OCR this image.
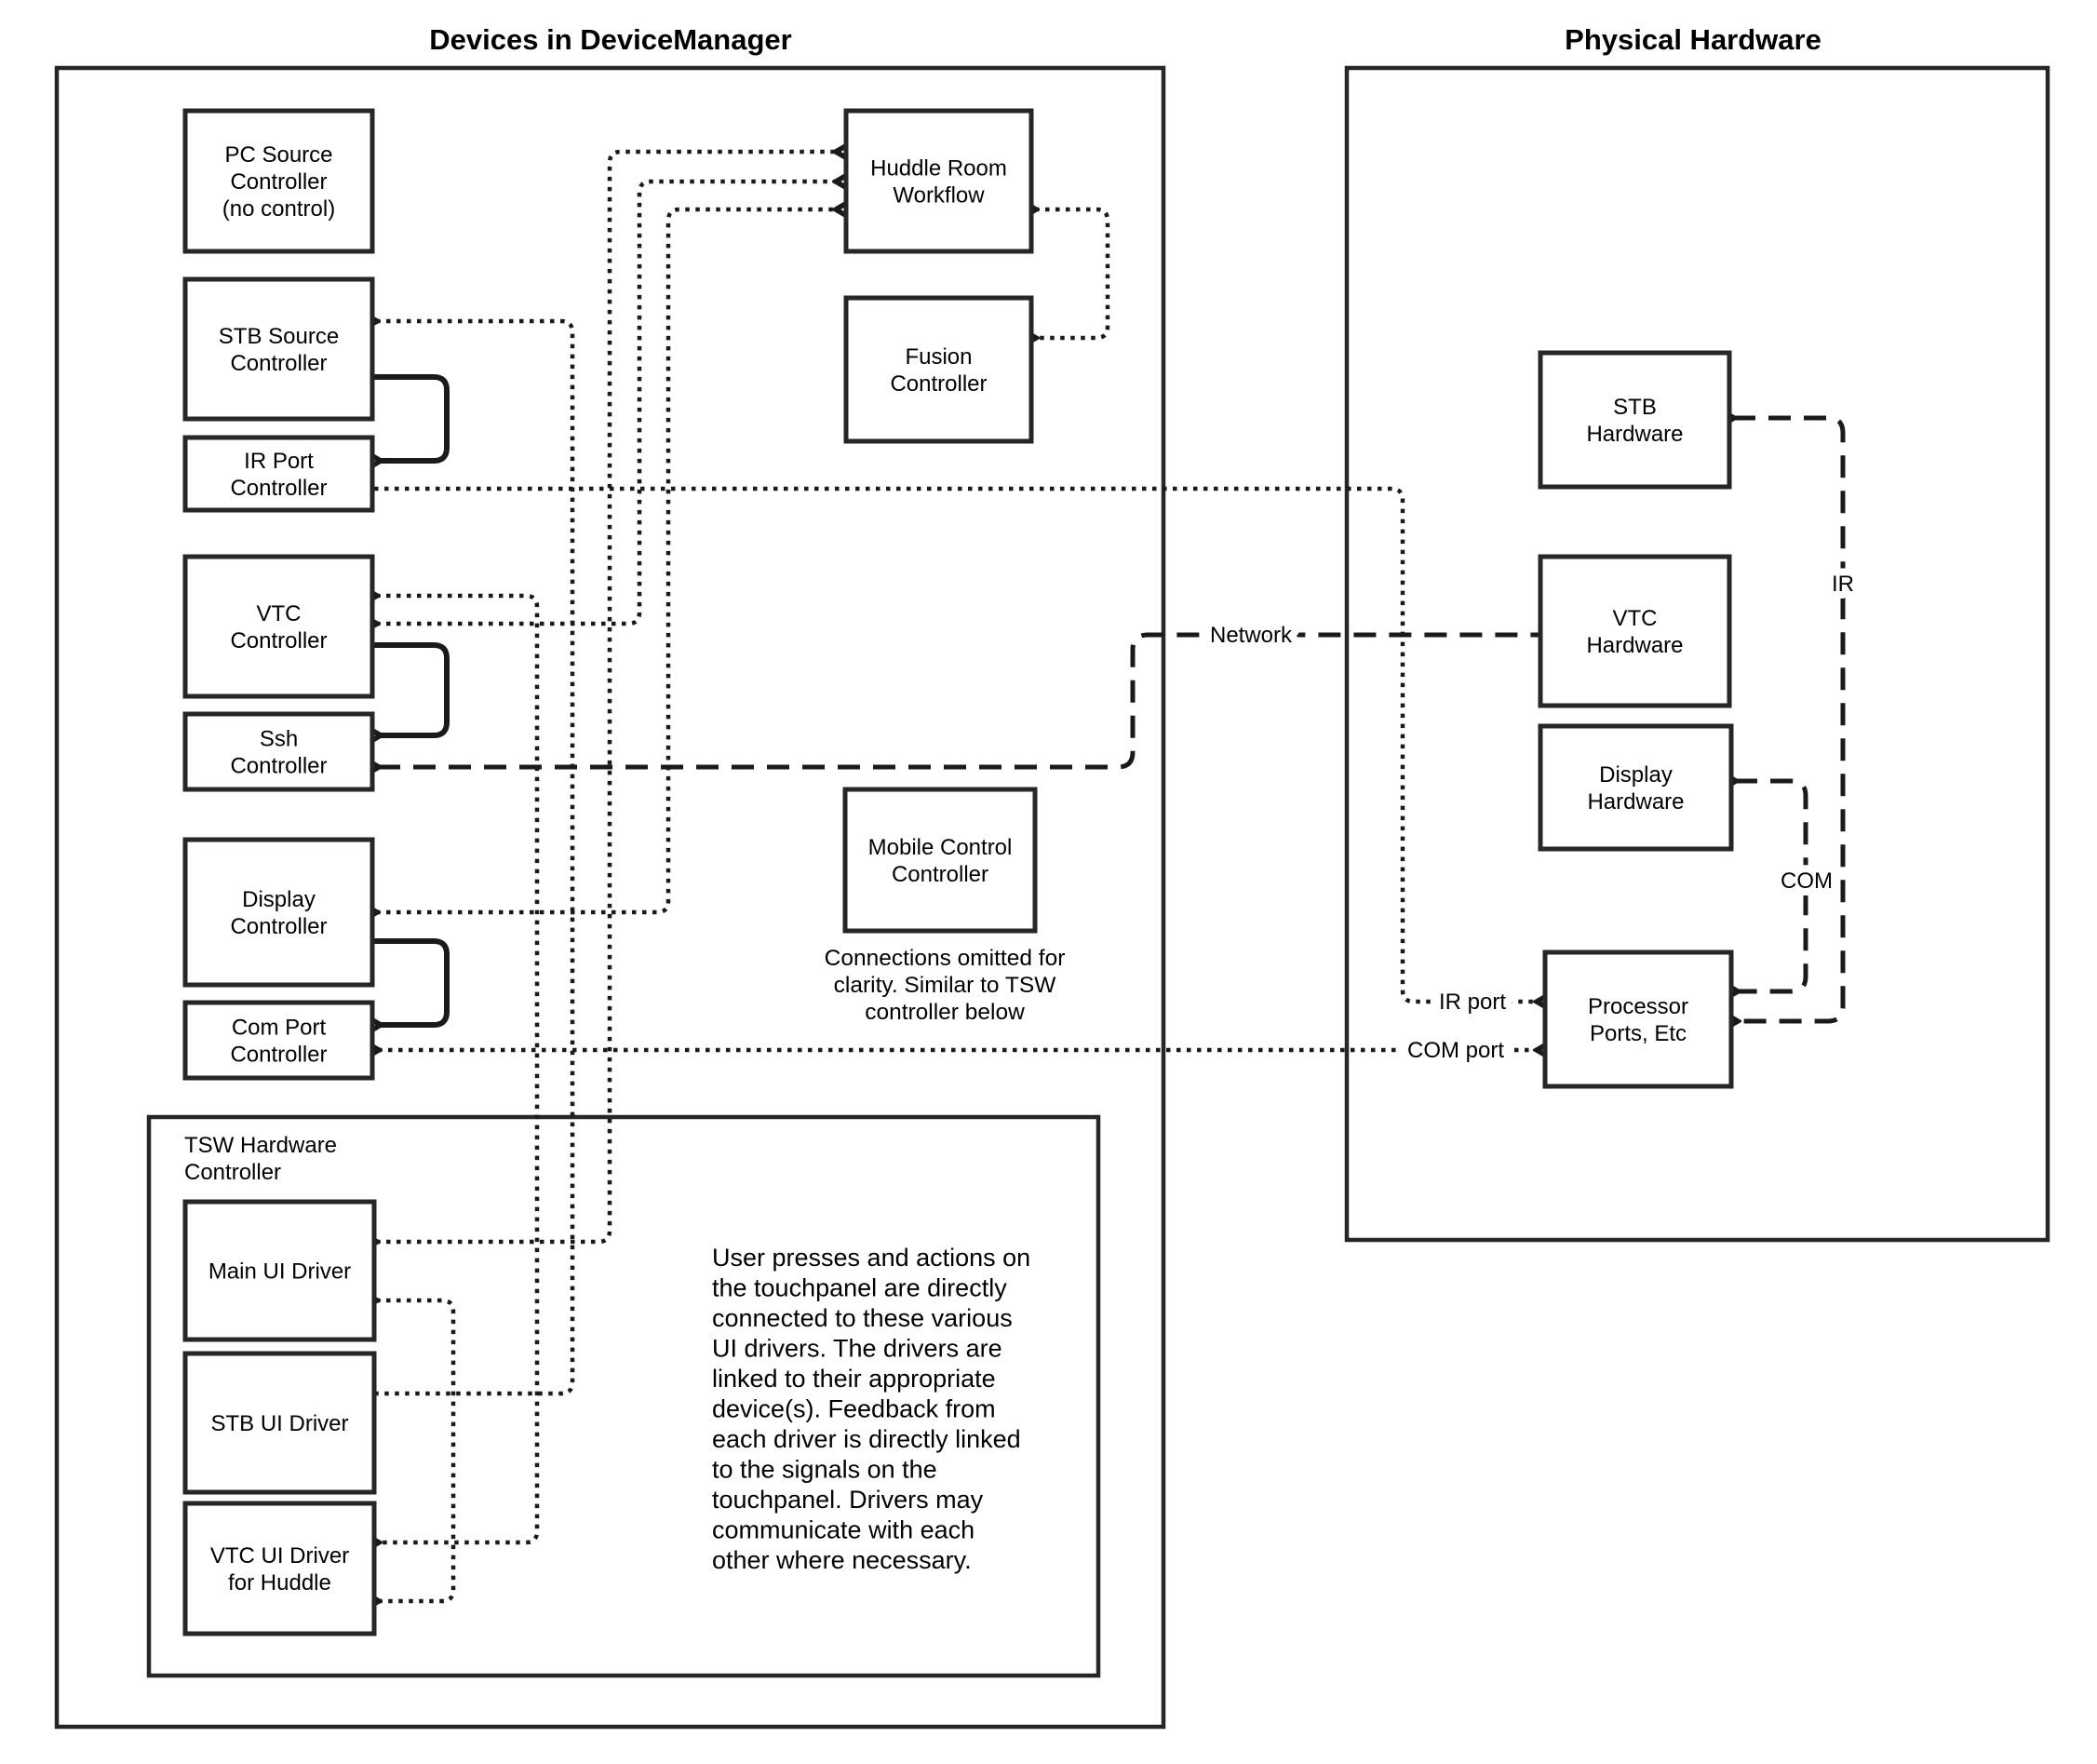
Devices in DeviceManager	Physical Hardware
TSW Hardware
Controller
PC Source
Controller
(no control)
STB Source
Controller
IR Port
Controller
VTC
Controller
Ssh
Controller
Display
Controller
Com Port
Controller
Main UI Driver
STB UI Driver
VTC UI Driver
for Huddle
Huddle Room
Workflow
Fusion
Controller
Mobile Control
Controller
STB
Hardware
VTC
Hardware
Display
Hardware
Processor
Ports, Etc
Network
IR port
COM port
IR
COM
Connections omitted for
clarity. Similar to TSW
controller below
User presses and actions on
the touchpanel are directly
connected to these various
UI drivers. The drivers are
linked to their appropriate
device(s). Feedback from
each driver is directly linked
to the signals on the
touchpanel. Drivers may
communicate with each
other where necessary.
